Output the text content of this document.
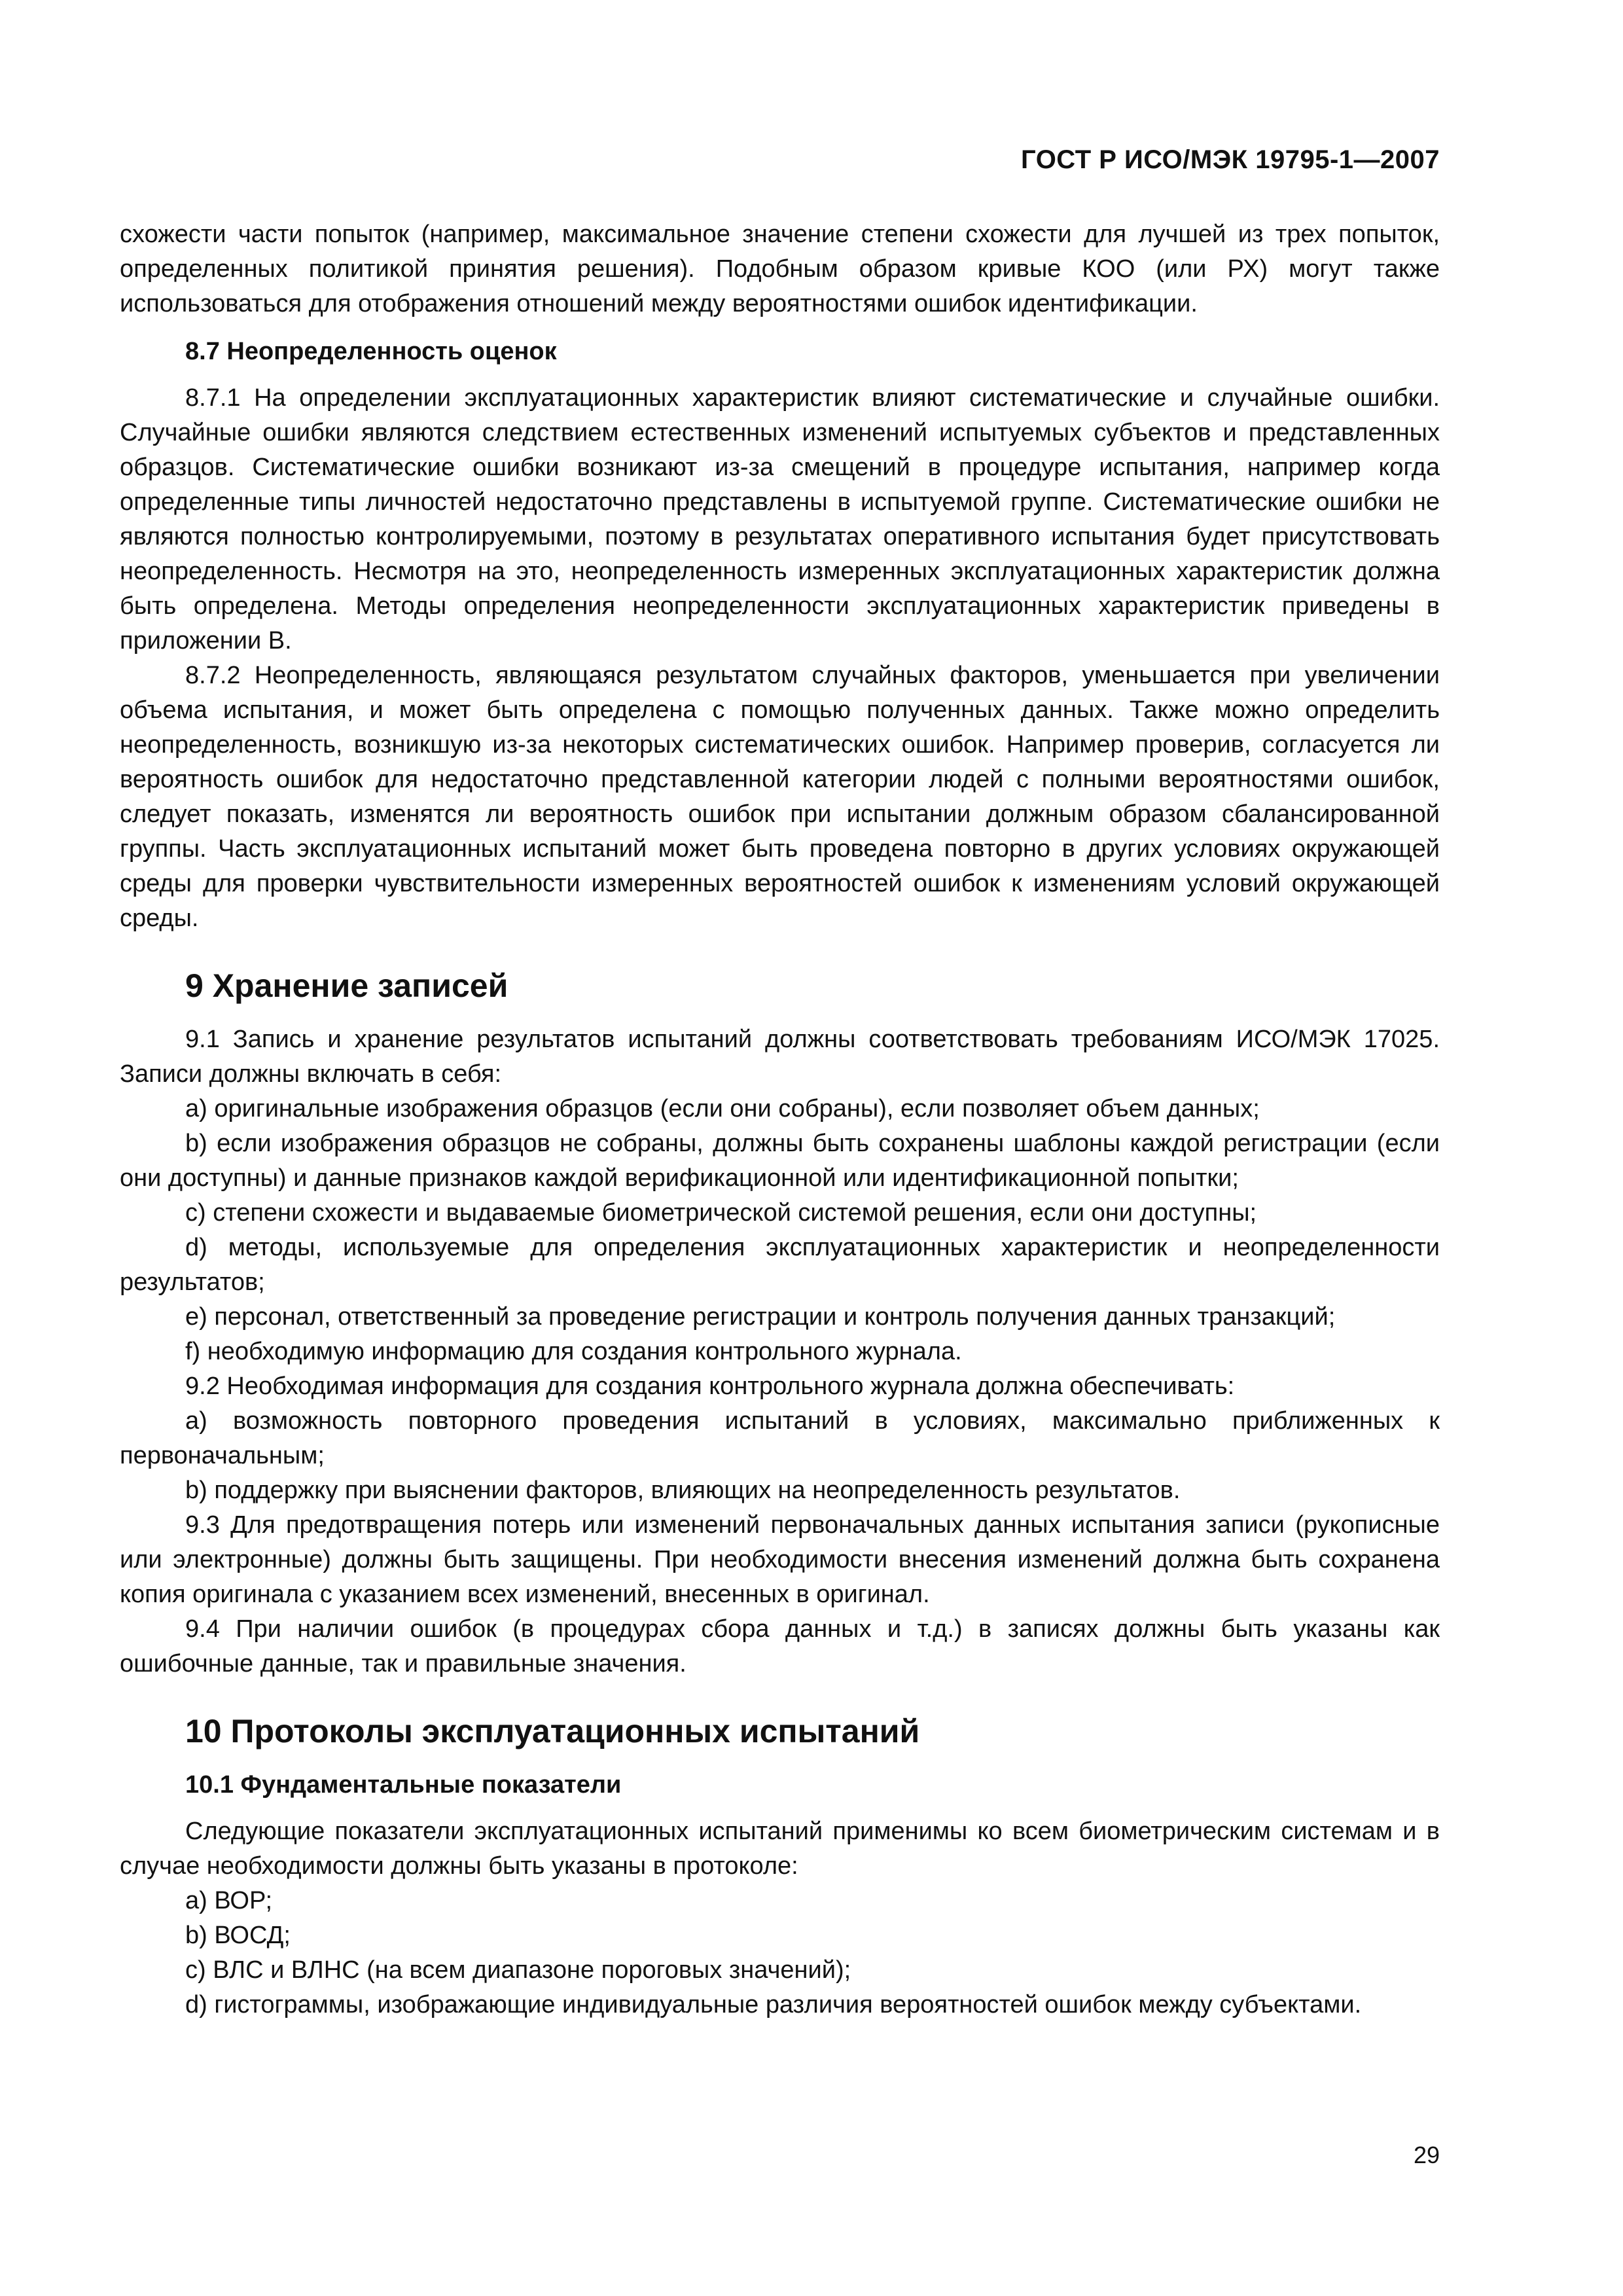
ГОСТ Р ИСО/МЭК 19795-1—2007

схожести части попыток (например, максимальное значение степени схожести для лучшей из трех попыток, определенных политикой принятия решения). Подобным образом кривые КОО (или РХ) могут также использоваться для отображения отношений между вероятностями ошибок идентификации.

8.7 Неопределенность оценок

8.7.1 На определении эксплуатационных характеристик влияют систематические и случайные ошибки. Случайные ошибки являются следствием естественных изменений испытуемых субъектов и представленных образцов. Систематические ошибки возникают из-за смещений в процедуре испытания, например когда определенные типы личностей недостаточно представлены в испытуемой группе. Систематические ошибки не являются полностью контролируемыми, поэтому в результатах оперативного испытания будет присутствовать неопределенность. Несмотря на это, неопределенность измеренных эксплуатационных характеристик должна быть определена. Методы определения неопределенности эксплуатационных характеристик приведены в приложении В.

8.7.2 Неопределенность, являющаяся результатом случайных факторов, уменьшается при увеличении объема испытания, и может быть определена с помощью полученных данных. Также можно определить неопределенность, возникшую из-за некоторых систематических ошибок. Например проверив, согласуется ли вероятность ошибок для недостаточно представленной категории людей с полными вероятностями ошибок, следует показать, изменятся ли вероятность ошибок при испытании должным образом сбалансированной группы. Часть эксплуатационных испытаний может быть проведена повторно в других условиях окружающей среды для проверки чувствительности измеренных вероятностей ошибок к изменениям условий окружающей среды.

9 Хранение записей

9.1 Запись и хранение результатов испытаний должны соответствовать требованиям ИСО/МЭК 17025. Записи должны включать в себя:

а) оригинальные изображения образцов (если они собраны), если позволяет объем данных;

b) если изображения образцов не собраны, должны быть сохранены шаблоны каждой регистрации (если они доступны) и данные признаков каждой верификационной или идентификационной попытки;

с) степени схожести и выдаваемые биометрической системой решения, если они доступны;

d) методы, используемые для определения эксплуатационных характеристик и неопределенности результатов;

е) персонал, ответственный за проведение регистрации и контроль получения данных транзакций;

f) необходимую информацию для создания контрольного журнала.

9.2 Необходимая информация для создания контрольного журнала должна обеспечивать:

а) возможность повторного проведения испытаний в условиях, максимально приближенных к первоначальным;

b) поддержку при выяснении факторов, влияющих на неопределенность результатов.

9.3 Для предотвращения потерь или изменений первоначальных данных испытания записи (рукописные или электронные) должны быть защищены. При необходимости внесения изменений должна быть сохранена копия оригинала с указанием всех изменений, внесенных в оригинал.

9.4 При наличии ошибок (в процедурах сбора данных и т.д.) в записях должны быть указаны как ошибочные данные, так и правильные значения.

10 Протоколы эксплуатационных испытаний
10.1 Фундаментальные показатели

Следующие показатели эксплуатационных испытаний применимы ко всем биометрическим системам и в случае необходимости должны быть указаны в протоколе:

а) ВОР;

b) ВОСД;

с) ВЛС и ВЛНС (на всем диапазоне пороговых значений);

d) гистограммы, изображающие индивидуальные различия вероятностей ошибок между субъектами.

29
